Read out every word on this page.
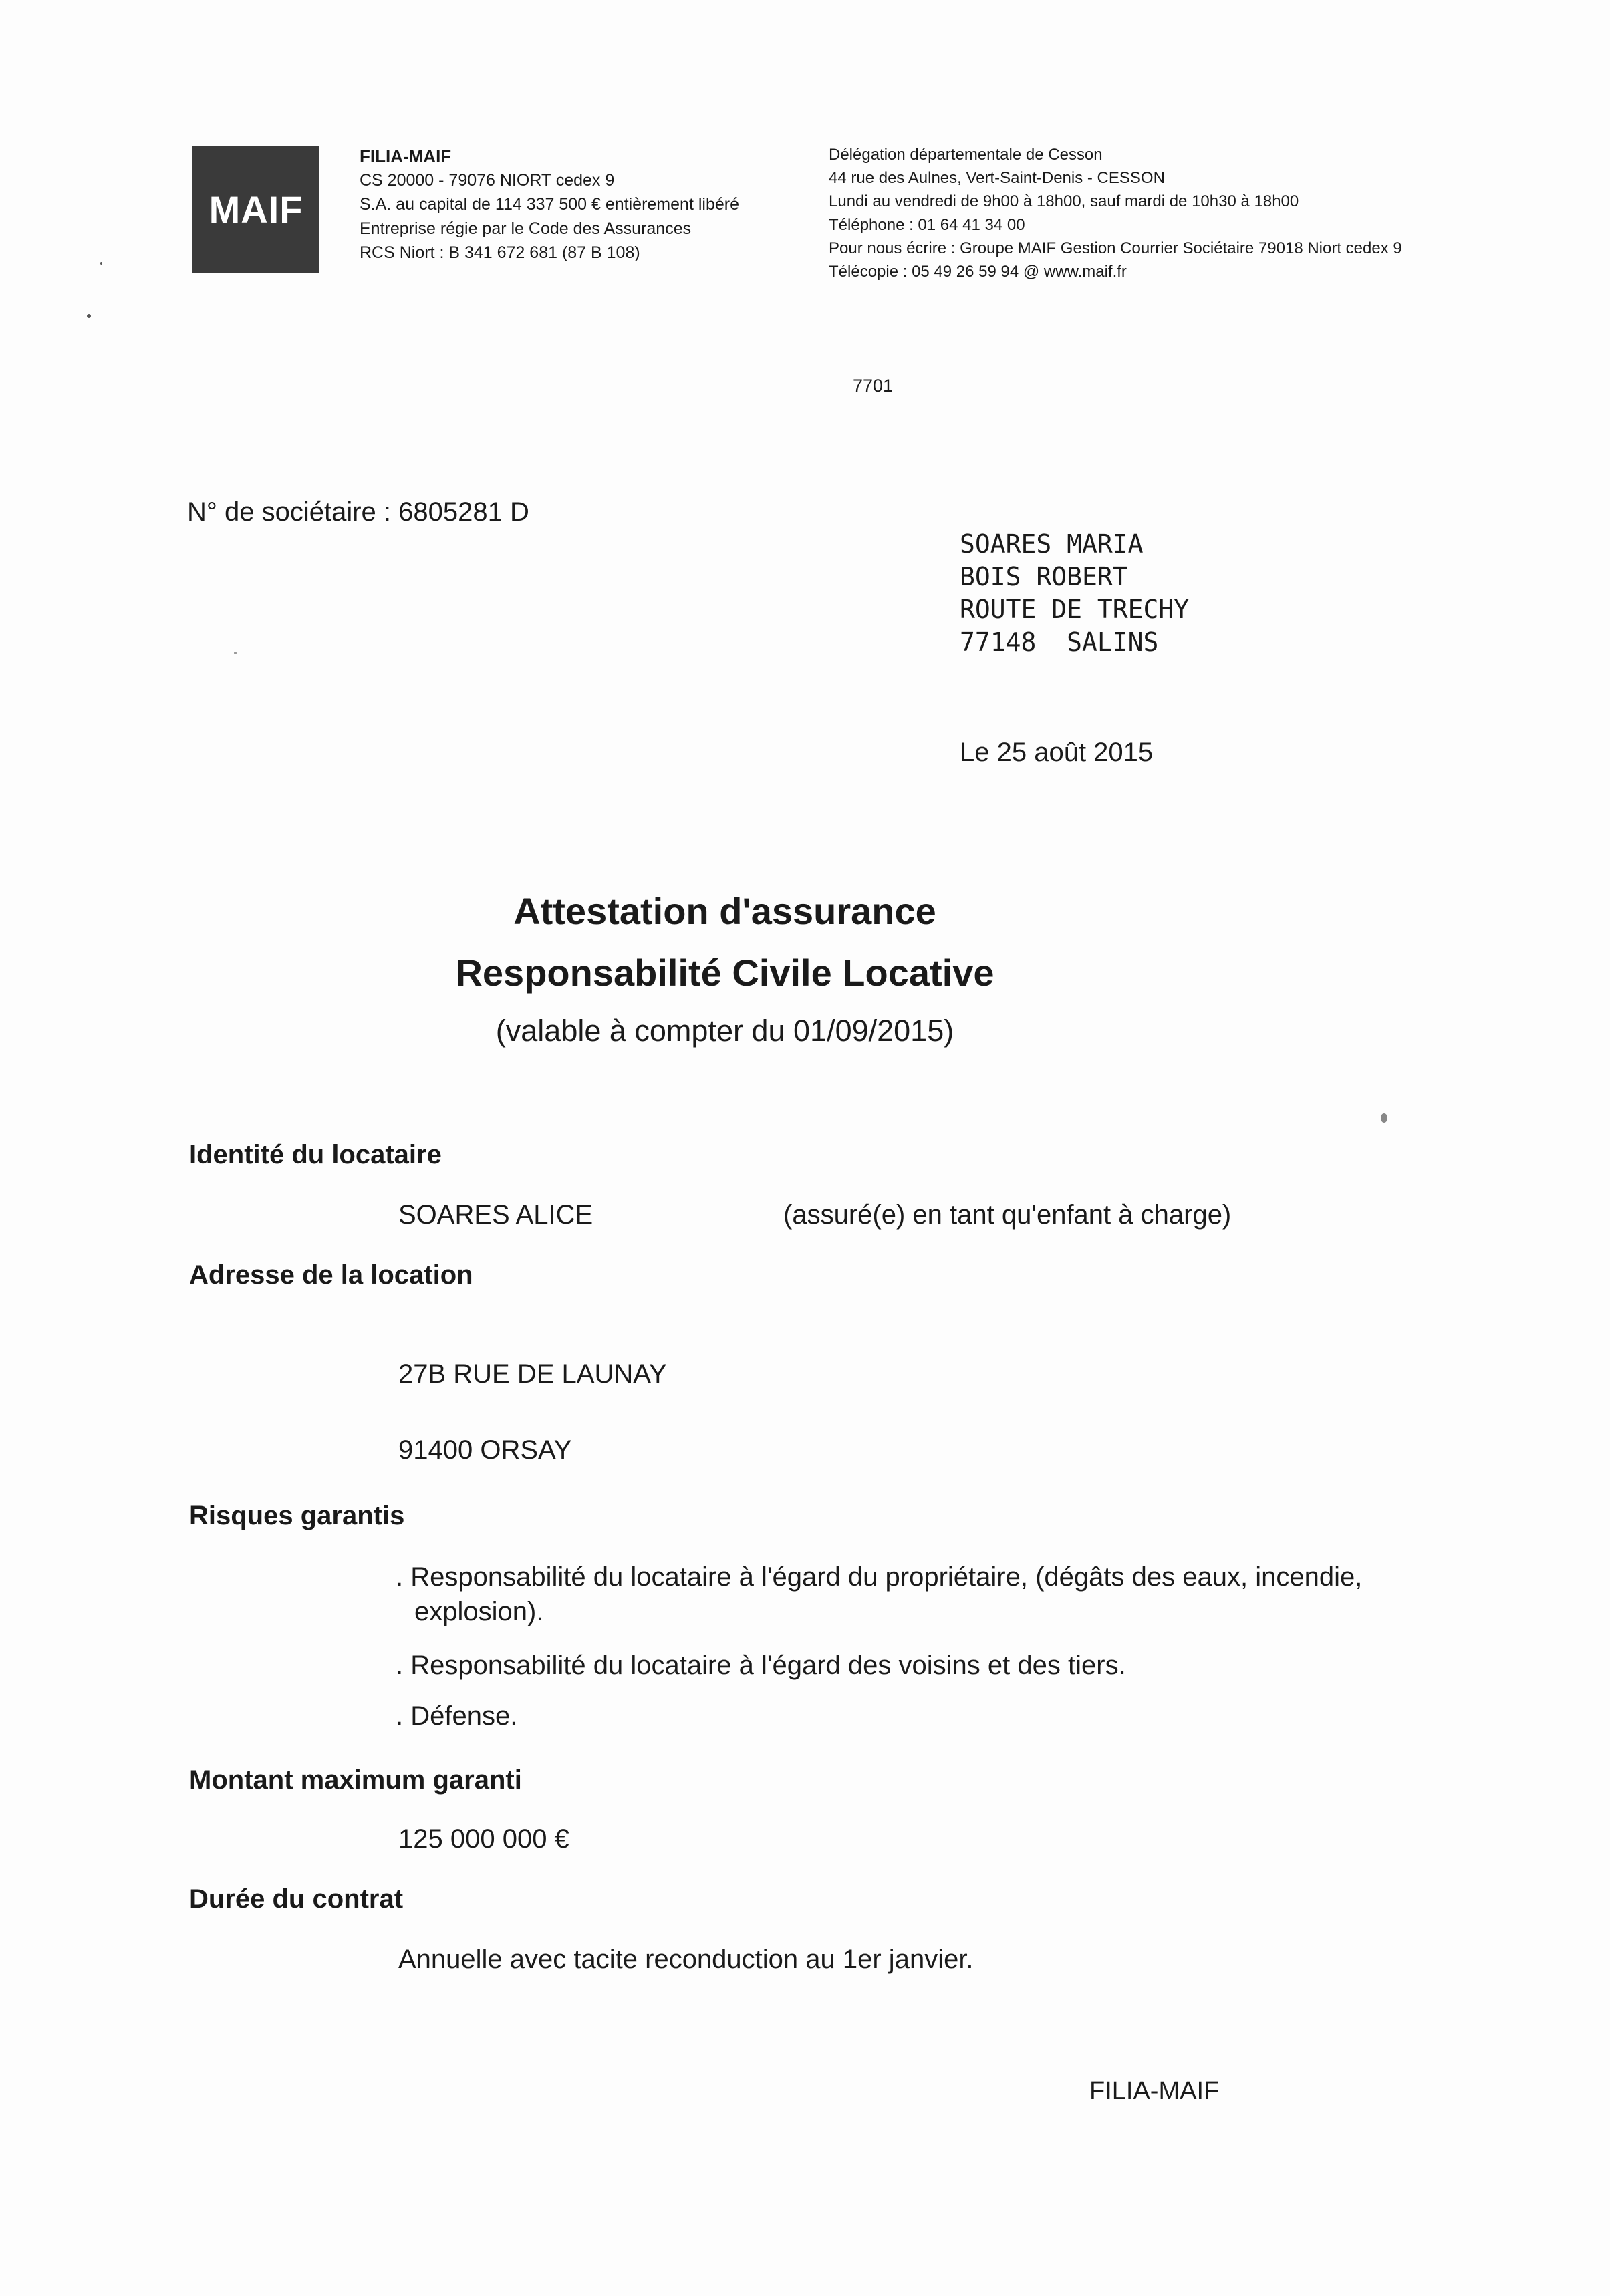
MAIF
FILIA-MAIF
CS 20000 - 79076 NIORT cedex 9
S.A. au capital de 114 337 500 € entièrement libéré
Entreprise régie par le Code des Assurances
RCS Niort : B 341 672 681 (87 B 108)
Délégation départementale de Cesson
44 rue des Aulnes, Vert-Saint-Denis - CESSON
Lundi au vendredi de 9h00 à 18h00, sauf mardi de 10h30 à 18h00
Téléphone : 01 64 41 34 00
Pour nous écrire : Groupe MAIF Gestion Courrier Sociétaire 79018 Niort cedex 9
Télécopie : 05 49 26 59 94 @ www.maif.fr
7701
N° de sociétaire : 6805281 D
SOARES MARIA
BOIS ROBERT
ROUTE DE TRECHY
77148  SALINS
Le 25 août 2015
Attestation d'assurance
Responsabilité Civile Locative
(valable à compter du 01/09/2015)
Identité du locataire
SOARES ALICE	(assuré(e) en tant qu'enfant à charge)
Adresse de la location
27B RUE DE LAUNAY
91400 ORSAY
Risques garantis
. Responsabilité du locataire à l'égard du propriétaire, (dégâts des eaux, incendie,
explosion).
. Responsabilité du locataire à l'égard des voisins et des tiers.
. Défense.
Montant maximum garanti
125 000 000 €
Durée du contrat
Annuelle avec tacite reconduction au 1er janvier.
FILIA-MAIF
